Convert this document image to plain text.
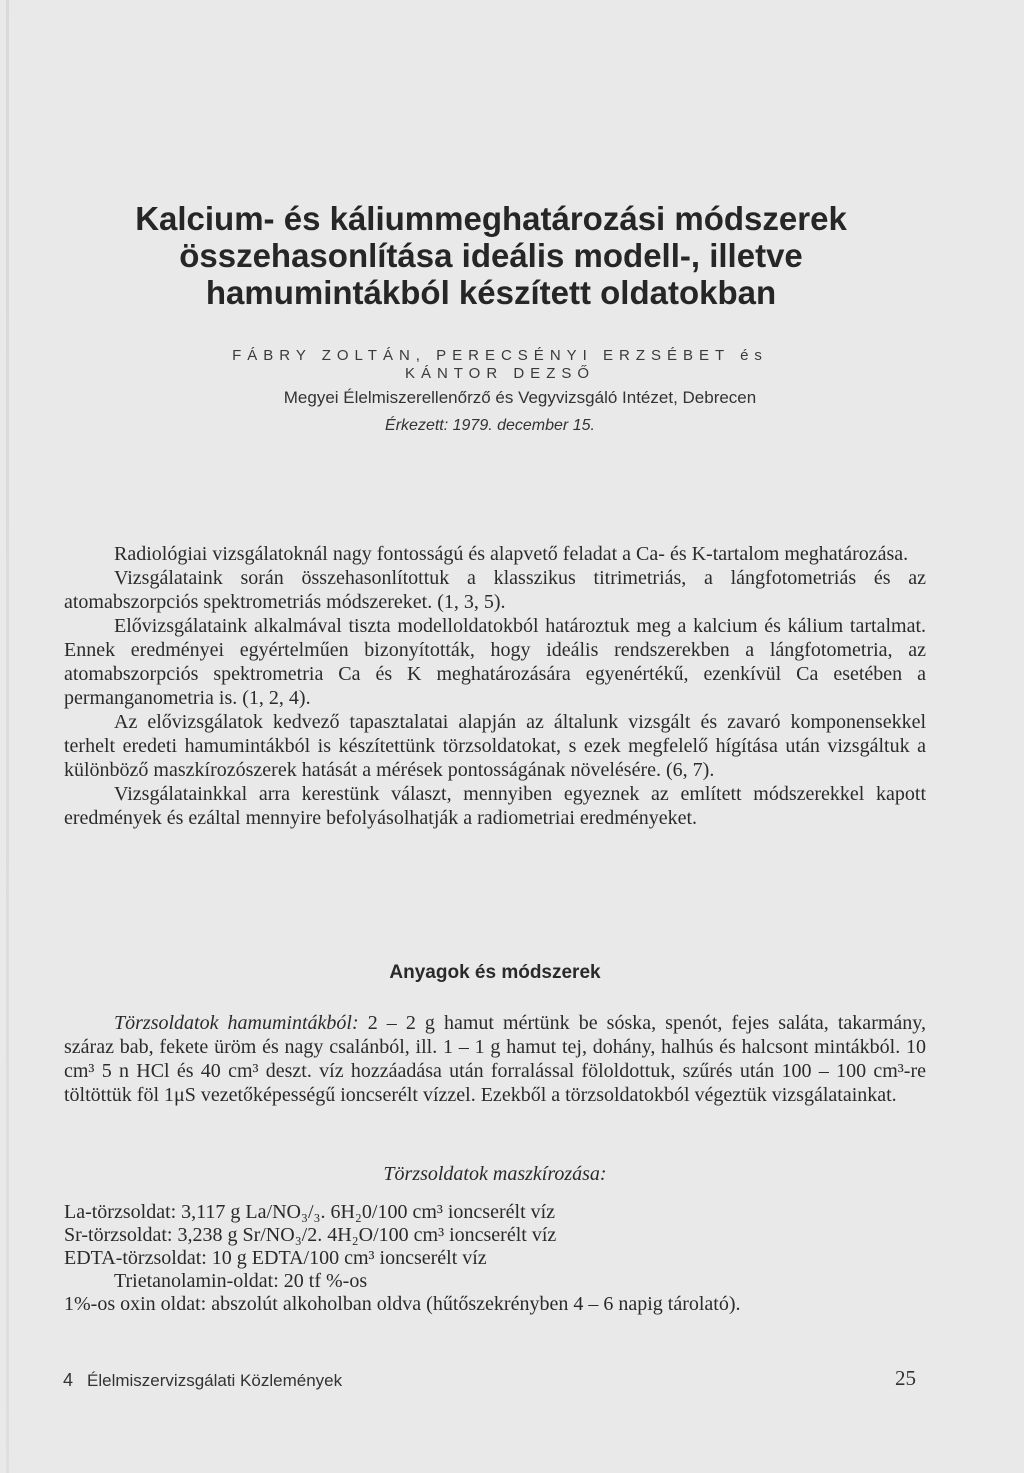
Kalcium- és káliummeghatározási módszerek
összehasonlítása ideális modell-, illetve
hamumintákból készített oldatokban
FÁBRY ZOLTÁN, PERECSÉNYI ERZSÉBET és
KÁNTOR DEZSŐ
Megyei Élelmiszerellenőrző és Vegyvizsgáló Intézet, Debrecen
Érkezett: 1979. december 15.

Radiológiai vizsgálatoknál nagy fontosságú és alapvető feladat a Ca- és K-tartalom meghatározása.

Vizsgálataink során összehasonlítottuk a klasszikus titrimetriás, a lángfotometriás és az atomabszorpciós spektrometriás módszereket. (1, 3, 5).

Elővizsgálataink alkalmával tiszta modelloldatokból határoztuk meg a kalcium és kálium tartalmat. Ennek eredményei egyértelműen bizonyították, hogy ideális rendszerekben a lángfotometria, az atomabszorpciós spektrometria Ca és K meghatározására egyenértékű, ezenkívül Ca esetében a permanganometria is. (1, 2, 4).

Az elővizsgálatok kedvező tapasztalatai alapján az általunk vizsgált és zavaró komponensekkel terhelt eredeti hamumintákból is készítettünk törzsoldatokat, s ezek megfelelő hígítása után vizsgáltuk a különböző maszkírozószerek hatását a mérések pontosságának növelésére. (6, 7).

Vizsgálatainkkal arra kerestünk választ, mennyiben egyeznek az említett módszerekkel kapott eredmények és ezáltal mennyire befolyásolhatják a radiometriai eredményeket.

Anyagok és módszerek

Törzsoldatok hamumintákból: 2 – 2 g hamut mértünk be sóska, spenót, fejes saláta, takarmány, száraz bab, fekete üröm és nagy csalánból, ill. 1 – 1 g hamut tej, dohány, halhús és halcsont mintákból. 10 cm³ 5 n HCl és 40 cm³ deszt. víz hozzáadása után forralással föloldottuk, szűrés után 100 – 100 cm³-re töltöttük föl 1μS vezetőképességű ioncserélt vízzel. Ezekből a törzsoldatokból végeztük vizsgálatainkat.

Törzsoldatok maszkírozása:

La-törzsoldat: 3,117 g La/NO₃/₃. 6H₂0/100 cm³ ioncserélt víz

Sr-törzsoldat: 3,238 g Sr/NO₃/2. 4H₂O/100 cm³ ioncserélt víz

EDTA-törzsoldat: 10 g EDTA/100 cm³ ioncserélt víz

Trietanolamin-oldat: 20 tf %-os

1%-os oxin oldat: abszolút alkoholban oldva (hűtőszekrényben 4 – 6 napig tárolató).

4 Élelmiszervizsgálati Közlemények	25
